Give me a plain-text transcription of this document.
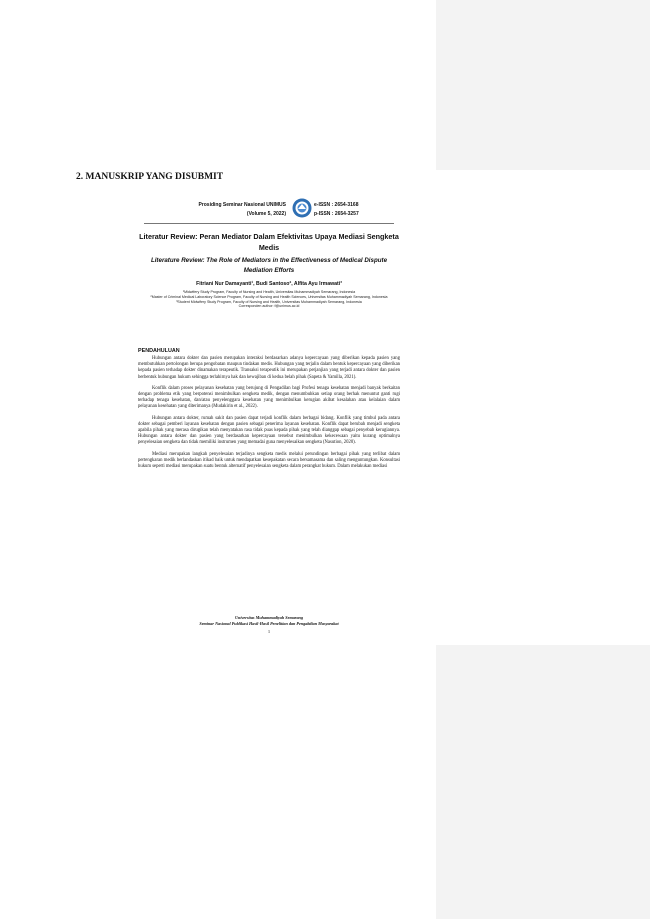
2. MANUSKRIP YANG DISUBMIT
Prosiding Seminar Nasional UNIMUS
(Volume 5, 2022)
e-ISSN : 2654-3168
p-ISSN : 2654-3257
Literatur Review: Peran Mediator Dalam Efektivitas Upaya Mediasi Sengketa Medis
Literature Review: The Role of Mediators in the Effectiveness of Medical Dispute Mediation Efforts
Fitriani Nur Damayanti¹, Budi Santoso², Alfita Ayu Irmawati³
¹Midwifery Study Program, Faculty of Nursing and Health, Universitas Muhammadiyah Semarang, Indonesia
²Master of Criminal Medical Laboratory Science Program, Faculty of Nursing and Health Sciences, Universitas Muhammadiyah Semarang, Indonesia
³Student Midwifery Study Program, Faculty of Nursing and Health, Universitas Muhammadiyah Semarang, Indonesia
Corresponden author: f@unimus.ac.id
PENDAHULUAN

Hubungan antara dokter dan pasien merupakan interaksi berdasarkan adanya kepercayaan yang diberikan kepada pasien yang membutuhkan pertolongan berupa pengobatan maupun tindakan medis. Hubungan yang terjalin dalam bentuk kepercayaan yang diberikan kepada pasien terhadap dokter dinamakan terapeutik. Transaksi terapeutik ini merupakan perjanjian yang terjadi antara dokter dan pasien berbentuk hubungan hukum sehingga terlahirnya hak dan kewajiban di kedua belah pihak (Sapeta & Yamilla, 2021).

Konflik dalam proses pelayanan kesehatan yang berujung di Pengadilan bagi Profesi tenaga kesehatan menjadi banyak berkaitan dengan problema etik yang berpotensi menimbulkan sengketa medik, dengan menumbuhkan setiap orang berhak menuntut ganti rugi terhadap tenaga kesehatan, dan/atau penyelenggara kesehatan yang menimbulkan kerugian akibat kesalahan atau kelalaian dalam pelayanan kesehatan yang diterimanya (Mudakirin et al., 2022).

Hubungan antara dokter, rumah sakit dan pasien dapat terjadi konflik dalam berbagai bidang. Konflik yang timbul pada antara dokter sebagai pemberi layanan kesehatan dengan pasien sebagai penerima layanan kesehatan. Konflik dapat berubah menjadi sengketa apabila pihak yang merasa dirugikan telah menyatakan rasa tidak puas kepada pihak yang telah dianggap sebagai penyebab kerugiannya. Hubungan antara dokter dan pasien yang berdasarkan kepercayaan tersebut menimbulkan kekecewaan yaitu kurang optimalnya penyelesaian sengketa dan tidak memiliki instrumen yang memadai guna menyelesaikan sengketa (Nasution, 2020).

Mediasi merupakan langkah penyelesaian terjadinya sengketa medis melalui perundingan berbagai pihak yang terlibat dalam pertengkaran medik berlandaskan itikad baik untuk mendapatkan kesepakatan secara bersamasama dan saling menguntungkan. Konsultasi hukum seperti mediasi merupakan suatu bentuk alternatif penyelesaian sengketa dalam perangkat hukum. Dalam melakukan mediasi

Universitas Muhammadiyah Semarang
Seminar Nasional Publikasi Hasil-Hasil Penelitian dan Pengabdian Masyarakat
1
